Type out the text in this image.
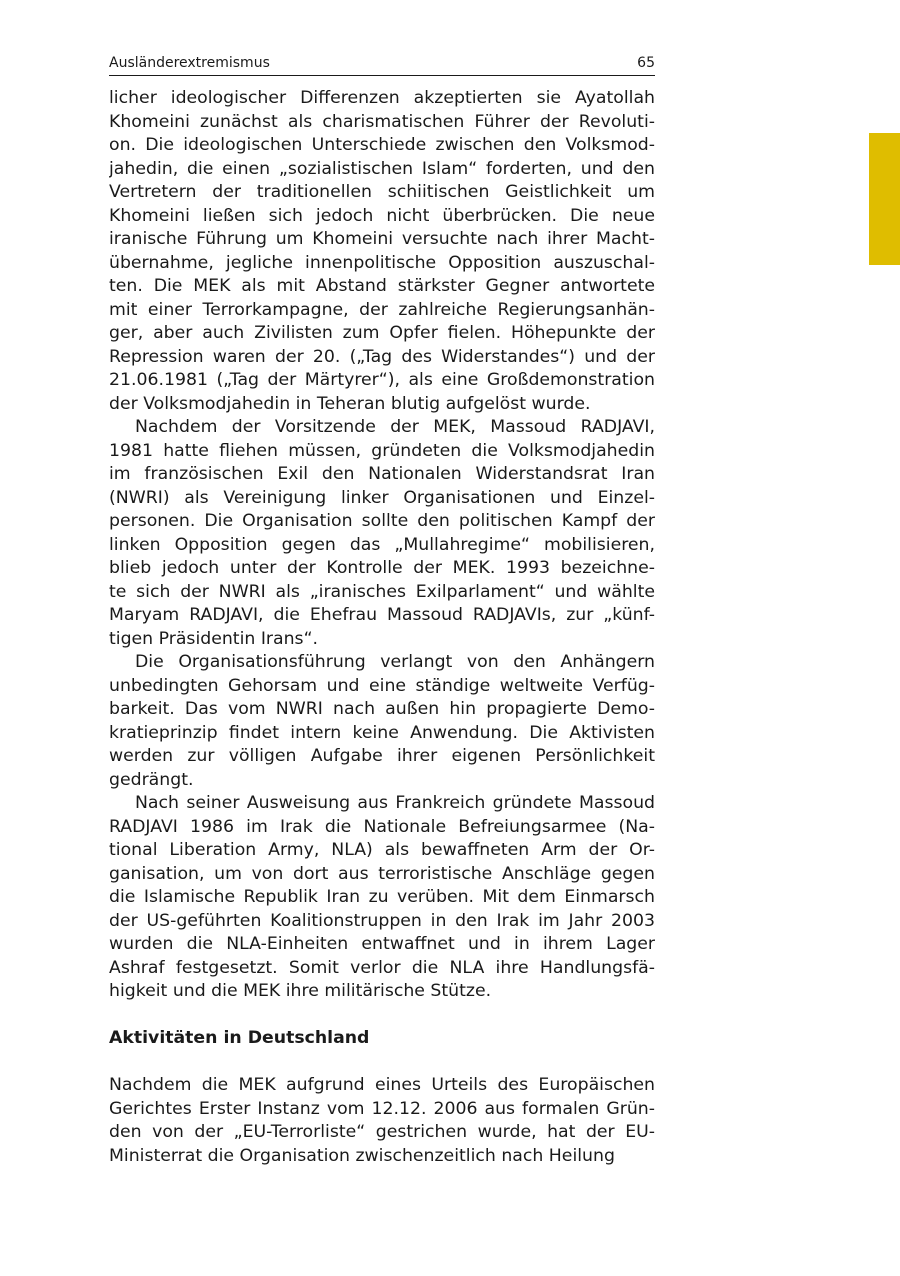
Ausländerextremismus	65
licher ideologischer Differenzen akzeptierten sie Ayatollah
Khomeini zunächst als charismatischen Führer der Revoluti-
on. Die ideologischen Unterschiede zwischen den Volksmod-
jahedin, die einen „sozialistischen Islam“ forderten, und den
Vertretern der traditionellen schiitischen Geistlichkeit um
Khomeini ließen sich jedoch nicht überbrücken. Die neue
iranische Führung um Khomeini versuchte nach ihrer Macht-
übernahme, jegliche innenpolitische Opposition auszuschal-
ten. Die MEK als mit Abstand stärkster Gegner antwortete
mit einer Terrorkampagne, der zahlreiche Regierungsanhän-
ger, aber auch Zivilisten zum Opfer fielen. Höhepunkte der
Repression waren der 20. („Tag des Widerstandes“) und der
21.06.1981 („Tag der Märtyrer“), als eine Großdemonstration
der Volksmodjahedin in Teheran blutig aufgelöst wurde.
Nachdem der Vorsitzende der MEK, Massoud RADJAVI,
1981 hatte fliehen müssen, gründeten die Volksmodjahedin
im französischen Exil den Nationalen Widerstandsrat Iran
(NWRI) als Vereinigung linker Organisationen und Einzel-
personen. Die Organisation sollte den politischen Kampf der
linken Opposition gegen das „Mullahregime“ mobilisieren,
blieb jedoch unter der Kontrolle der MEK. 1993 bezeichne-
te sich der NWRI als „iranisches Exilparlament“ und wählte
Maryam RADJAVI, die Ehefrau Massoud RADJAVIs, zur „künf-
tigen Präsidentin Irans“.
Die Organisationsführung verlangt von den Anhängern
unbedingten Gehorsam und eine ständige weltweite Verfüg-
barkeit. Das vom NWRI nach außen hin propagierte Demo-
kratieprinzip findet intern keine Anwendung. Die Aktivisten
werden zur völligen Aufgabe ihrer eigenen Persönlichkeit
gedrängt.
Nach seiner Ausweisung aus Frankreich gründete Massoud
RADJAVI 1986 im Irak die Nationale Befreiungsarmee (Na-
tional Liberation Army, NLA) als bewaffneten Arm der Or-
ganisation, um von dort aus terroristische Anschläge gegen
die Islamische Republik Iran zu verüben. Mit dem Einmarsch
der US-geführten Koalitionstruppen in den Irak im Jahr 2003
wurden die NLA-Einheiten entwaffnet und in ihrem Lager
Ashraf festgesetzt. Somit verlor die NLA ihre Handlungsfä-
higkeit und die MEK ihre militärische Stütze.
Aktivitäten in Deutschland
Nachdem die MEK aufgrund eines Urteils des Europäischen
Gerichtes Erster Instanz vom 12.12. 2006 aus formalen Grün-
den von der „EU-Terrorliste“ gestrichen wurde, hat der EU-
Ministerrat die Organisation zwischenzeitlich nach Heilung
